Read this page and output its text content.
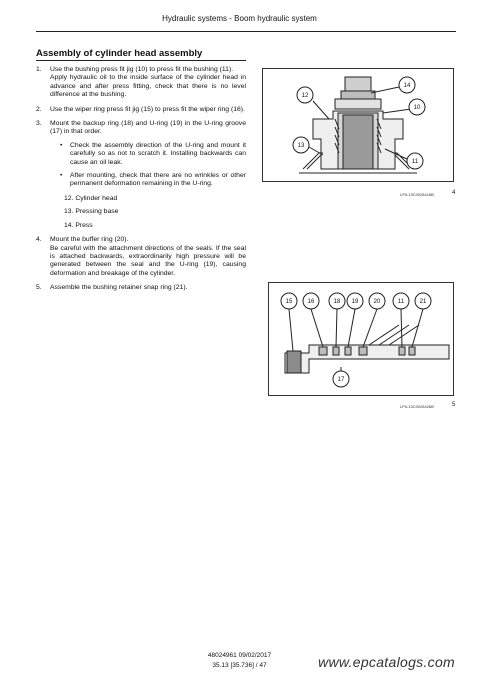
Hydraulic systems - Boom hydraulic system
Assembly of cylinder head assembly
1. Use the bushing press fit jig (10) to press fit the bushing (11).

Apply hydraulic oil to the inside surface of the cylinder head in advance and after press fitting, check that there is no level difference at the bushing.

2. Use the wiper ring press fit jig (15) to press fit the wiper ring (16).

3. Mount the backup ring (18) and U-ring (19) in the U-ring groove (17) in that order.

• Check the assembly direction of the U-ring and mount it carefully so as not to scratch it. Installing backwards can cause an oil leak.
• After mounting, check that there are no wrinkles or other permanent deformation remaining in the U-ring.
12. Cylinder head
13. Pressing base
14. Press
4. Mount the buffer ring (20).

Be careful with the attachment directions of the seals. If the seal is attached backwards, extraordinarily high pressure will be generated between the seal and the U-ring (19), causing deformation and breakage of the cylinder.

5. Assemble the bushing retainer snap ring (21).

12
14
10
13
11
LPIL13C0028416B	4
15	16	18 19	20	11	21
17
LPIL13C0028426B	5
48024961 09/02/2017
35.13 [35.736] / 47	www.epcatalogs.com
